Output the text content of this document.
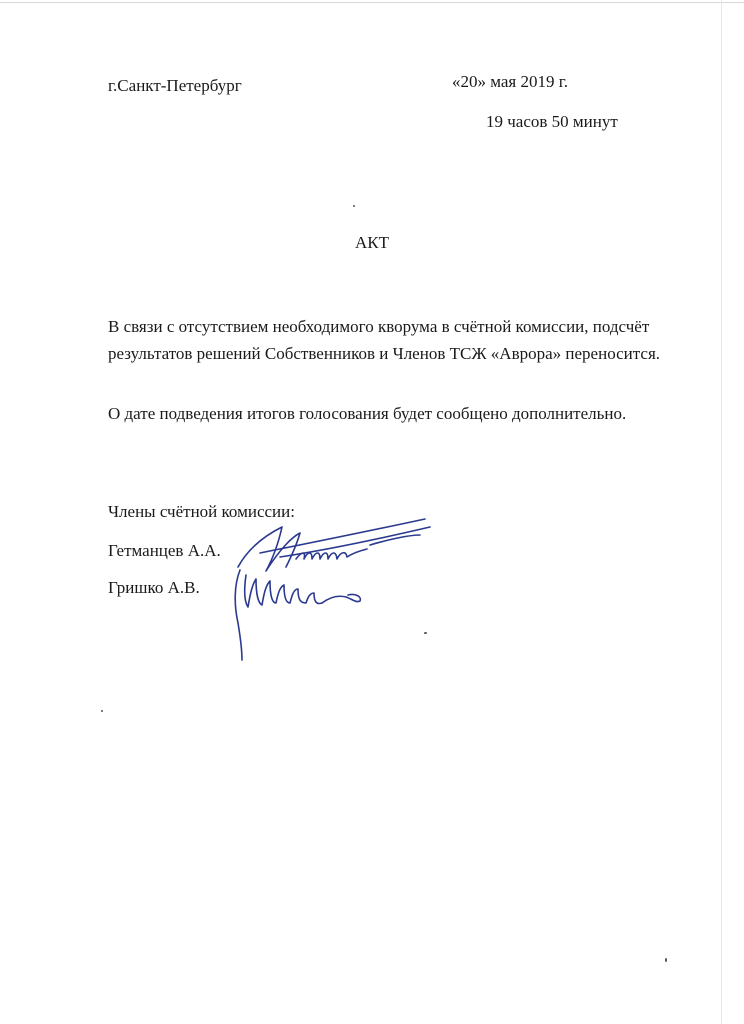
г.Санкт-Петербург	«20» мая 2019 г.
19 часов 50 минут
АКТ
В связи с отсутствием необходимого кворума в счётной комиссии, подсчёт результатов решений Собственников и Членов ТСЖ «Аврора» переносится.
О дате подведения итогов голосования будет сообщено дополнительно.
Члены счётной комиссии:
Гетманцев А.А.
Гришко А.В.
